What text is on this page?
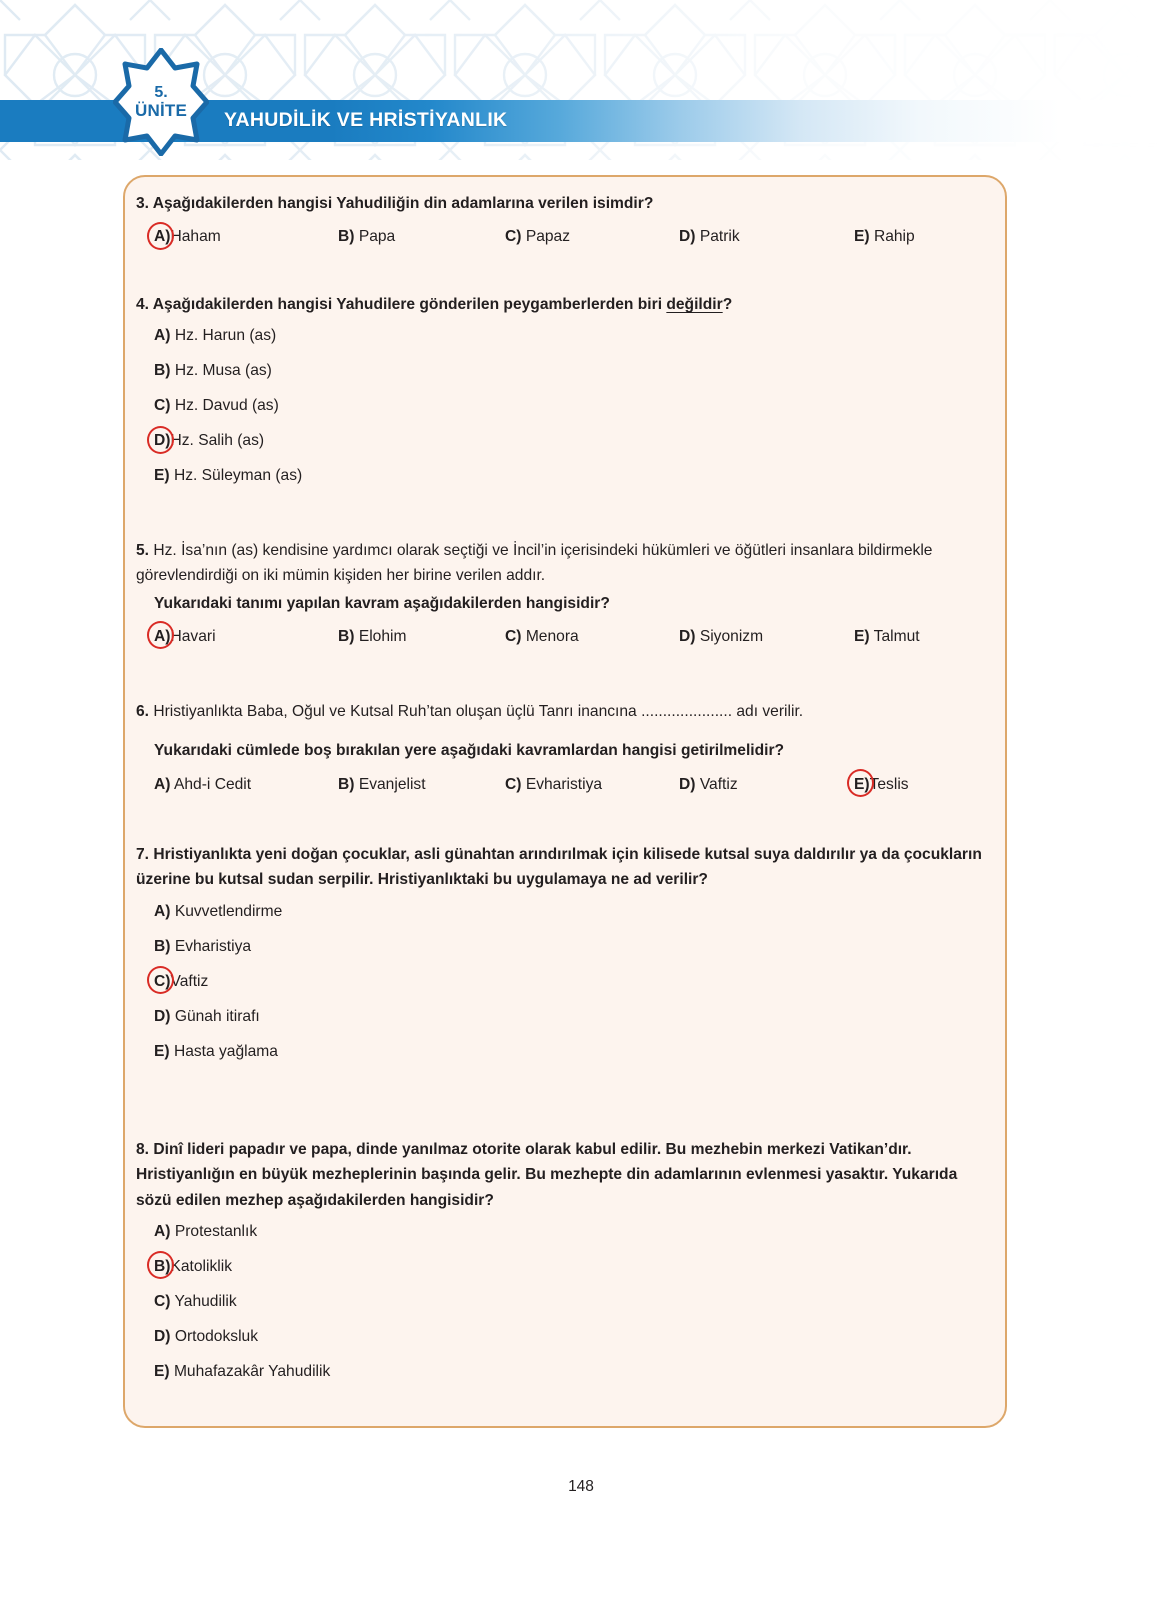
YAHUDİLİK VE HRİSTİYANLIK
5.
ÜNİTE
3. Aşağıdakilerden hangisi Yahudiliğin din adamlarına verilen isimdir?
A)Haham	B) Papa	C) Papaz	D) Patrik	E) Rahip
4. Aşağıdakilerden hangisi Yahudilere gönderilen peygamberlerden biri değildir?
A) Hz. Harun (as)
B) Hz. Musa (as)
C) Hz. Davud (as)
D)Hz. Salih (as)
E) Hz. Süleyman (as)
5. Hz. İsa’nın (as) kendisine yardımcı olarak seçtiği ve İncil’in içerisindeki hükümleri ve öğütleri insanlara bildirmekle görevlendirdiği on iki mümin kişiden her birine verilen addır.
Yukarıdaki tanımı yapılan kavram aşağıdakilerden hangisidir?
A)Havari	B) Elohim	C) Menora	D) Siyonizm	E) Talmut
6. Hristiyanlıkta Baba, Oğul ve Kutsal Ruh’tan oluşan üçlü Tanrı inancına ..................... adı verilir.
Yukarıdaki cümlede boş bırakılan yere aşağıdaki kavramlardan hangisi getirilmelidir?
A) Ahd-i Cedit	B) Evanjelist	C) Evharistiya	D) Vaftiz	E)Teslis
7. Hristiyanlıkta yeni doğan çocuklar, asli günahtan arındırılmak için kilisede kutsal suya daldırılır ya da çocukların üzerine bu kutsal sudan serpilir. Hristiyanlıktaki bu uygulamaya ne ad verilir?
A) Kuvvetlendirme
B) Evharistiya
C)Vaftiz
D) Günah itirafı
E) Hasta yağlama
8. Dinî lideri papadır ve papa, dinde yanılmaz otorite olarak kabul edilir. Bu mezhebin merkezi Vatikan’dır. Hristiyanlığın en büyük mezheplerinin başında gelir. Bu mezhepte din adamlarının evlenmesi yasaktır. Yukarıda sözü edilen mezhep aşağıdakilerden hangisidir?
A) Protestanlık
B)Katoliklik
C) Yahudilik
D) Ortodoksluk
E) Muhafazakâr Yahudilik
148
